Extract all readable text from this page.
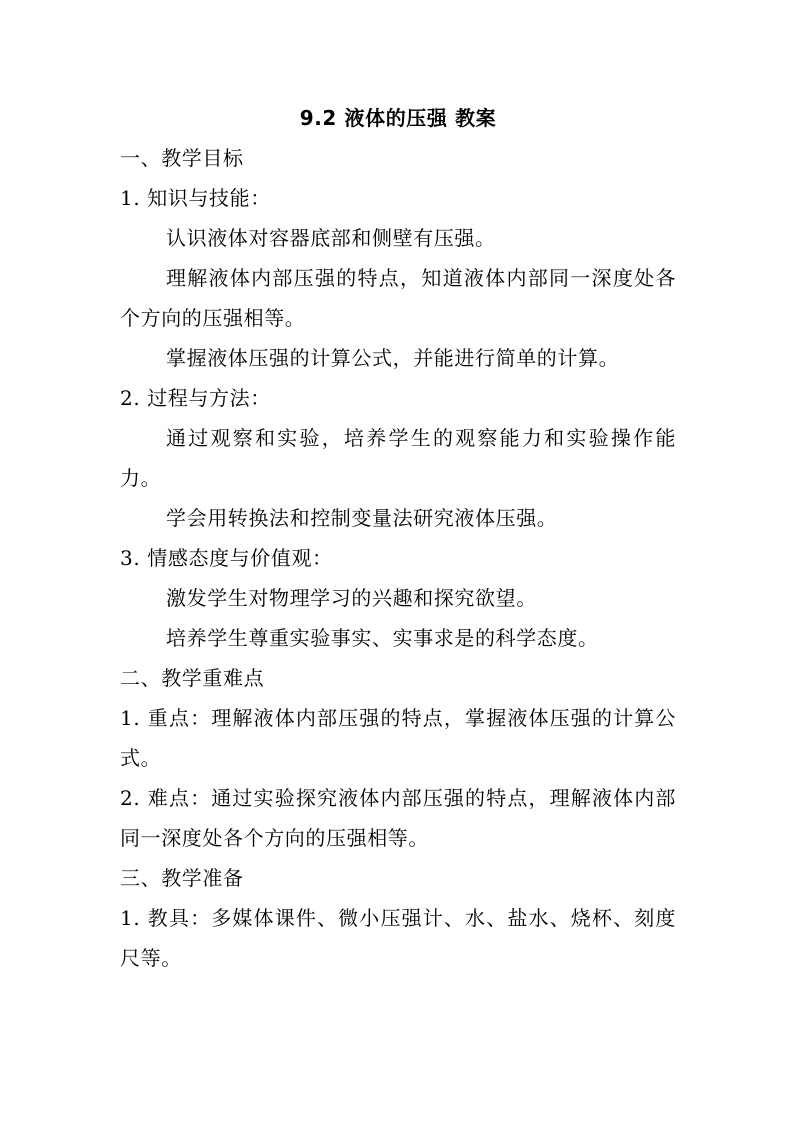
9.2 液体的压强 教案

一、教学目标

1. 知识与技能：

认识液体对容器底部和侧壁有压强。

理解液体内部压强的特点，知道液体内部同一深度处各个方向的压强相等。

掌握液体压强的计算公式，并能进行简单的计算。

2. 过程与方法：

通过观察和实验，培养学生的观察能力和实验操作能力。

学会用转换法和控制变量法研究液体压强。

3. 情感态度与价值观：

激发学生对物理学习的兴趣和探究欲望。

培养学生尊重实验事实、实事求是的科学态度。

二、教学重难点

1. 重点：理解液体内部压强的特点，掌握液体压强的计算公式。

2. 难点：通过实验探究液体内部压强的特点，理解液体内部同一深度处各个方向的压强相等。

三、教学准备

1. 教具：多媒体课件、微小压强计、水、盐水、烧杯、刻度尺等。
